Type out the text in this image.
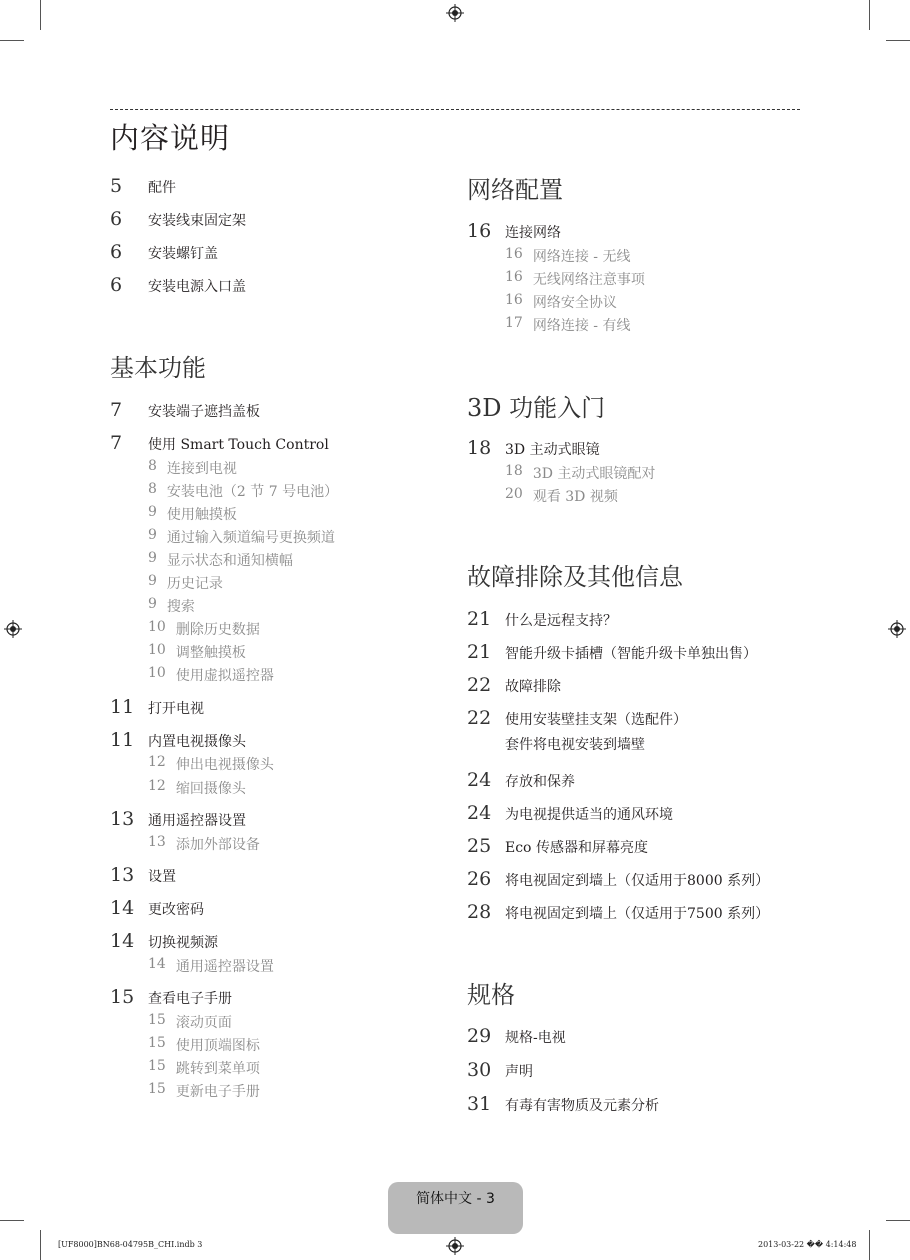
内容说明
5	配件
6	安装线束固定架
6	安装螺钉盖
6	安装电源入口盖
基本功能
7	安装端子遮挡盖板
7	使用 Smart Touch Control
8 连接到电视
8 安装电池（2 节 7 号电池）
9 使用触摸板
9 通过输入频道编号更换频道
9 显示状态和通知横幅
9 历史记录
9 搜索
10 删除历史数据
10 调整触摸板
10 使用虚拟遥控器
11 打开电视
11 内置电视摄像头
12 伸出电视摄像头
12 缩回摄像头
13 通用遥控器设置
13 添加外部设备
13 设置
14 更改密码
14 切换视频源
14 通用遥控器设置
15 查看电子手册
15 滚动页面
15 使用顶端图标
15 跳转到菜单项
15 更新电子手册
网络配置
16 连接网络
16 网络连接 - 无线
16 无线网络注意事项
16 网络安全协议
17 网络连接 - 有线
3D 功能入门
18 3D 主动式眼镜
18 3D 主动式眼镜配对
20 观看 3D 视频
故障排除及其他信息
21 什么是远程支持？
21 智能升级卡插槽（智能升级卡单独出售）
22 故障排除
22 使用安装壁挂支架（选配件）
套件将电视安装到墙壁
24 存放和保养
24 为电视提供适当的通风环境
25 Eco 传感器和屏幕亮度
26 将电视固定到墙上（仅适用于8000 系列）
28 将电视固定到墙上（仅适用于7500 系列）
规格
29 规格-电视
30 声明
31 有毒有害物质及元素分析
简体中文 - 3
[UF8000]BN68-04795B_CHI.indb 3	2013-03-22 �� 4:14:48
